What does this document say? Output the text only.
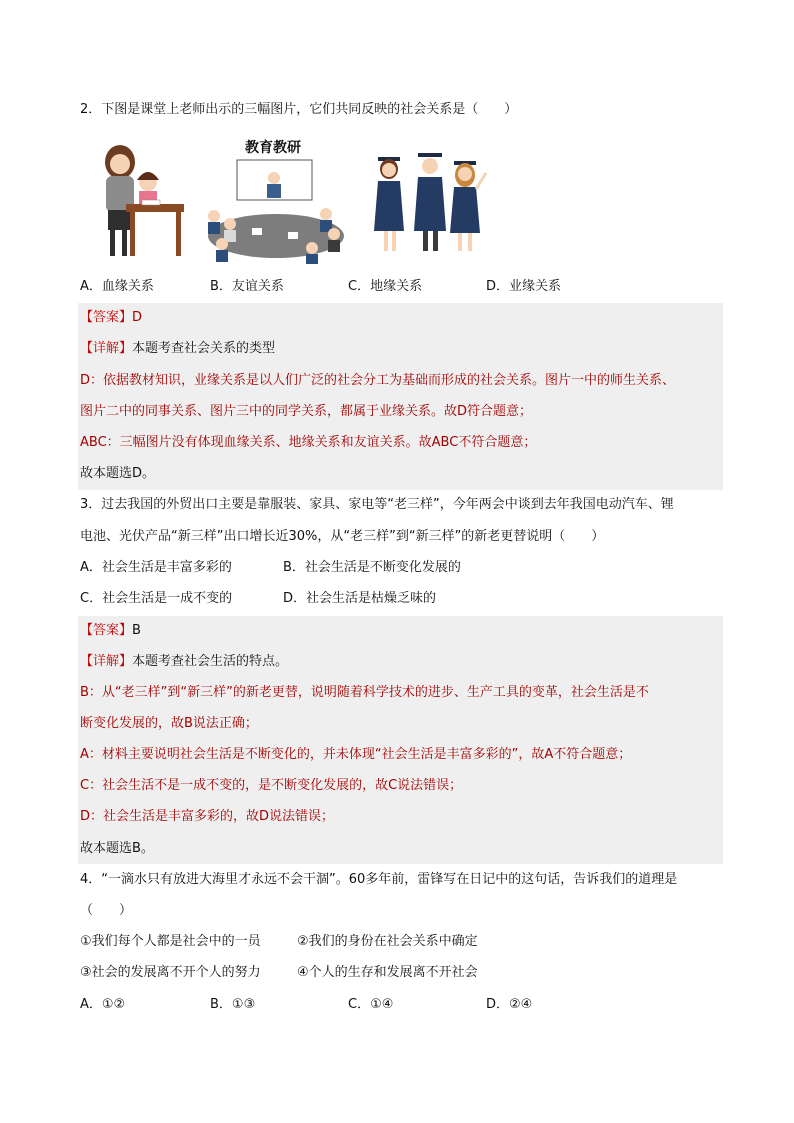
2．下图是课堂上老师出示的三幅图片，它们共同反映的社会关系是（　　）
教育教研
A．血缘关系	B．友谊关系	C．地缘关系	D．业缘关系
【答案】D
【详解】本题考查社会关系的类型
D：依据教材知识，业缘关系是以人们广泛的社会分工为基础而形成的社会关系。图片一中的师生关系、
图片二中的同事关系、图片三中的同学关系，都属于业缘关系。故D符合题意；
ABC：三幅图片没有体现血缘关系、地缘关系和友谊关系。故ABC不符合题意；
故本题选D。
3．过去我国的外贸出口主要是靠服装、家具、家电等“老三样”，今年两会中谈到去年我国电动汽车、锂
电池、光伏产品“新三样”出口增长近30%，从“老三样”到“新三样”的新老更替说明（　　）
A．社会生活是丰富多彩的	B．社会生活是不断变化发展的
C．社会生活是一成不变的	D．社会生活是枯燥乏味的
【答案】B
【详解】本题考查社会生活的特点。
B：从“老三样”到“新三样”的新老更替，说明随着科学技术的进步、生产工具的变革，社会生活是不
断变化发展的，故B说法正确；
A：材料主要说明社会生活是不断变化的，并未体现“社会生活是丰富多彩的”，故A不符合题意；
C：社会生活不是一成不变的，是不断变化发展的，故C说法错误；
D：社会生活是丰富多彩的，故D说法错误；
故本题选B。
4．“一滴水只有放进大海里才永远不会干涸”。60多年前，雷锋写在日记中的这句话，告诉我们的道理是
（　　）
①我们每个人都是社会中的一员	②我们的身份在社会关系中确定
③社会的发展离不开个人的努力	④个人的生存和发展离不开社会
A．①②	B．①③	C．①④	D．②④
